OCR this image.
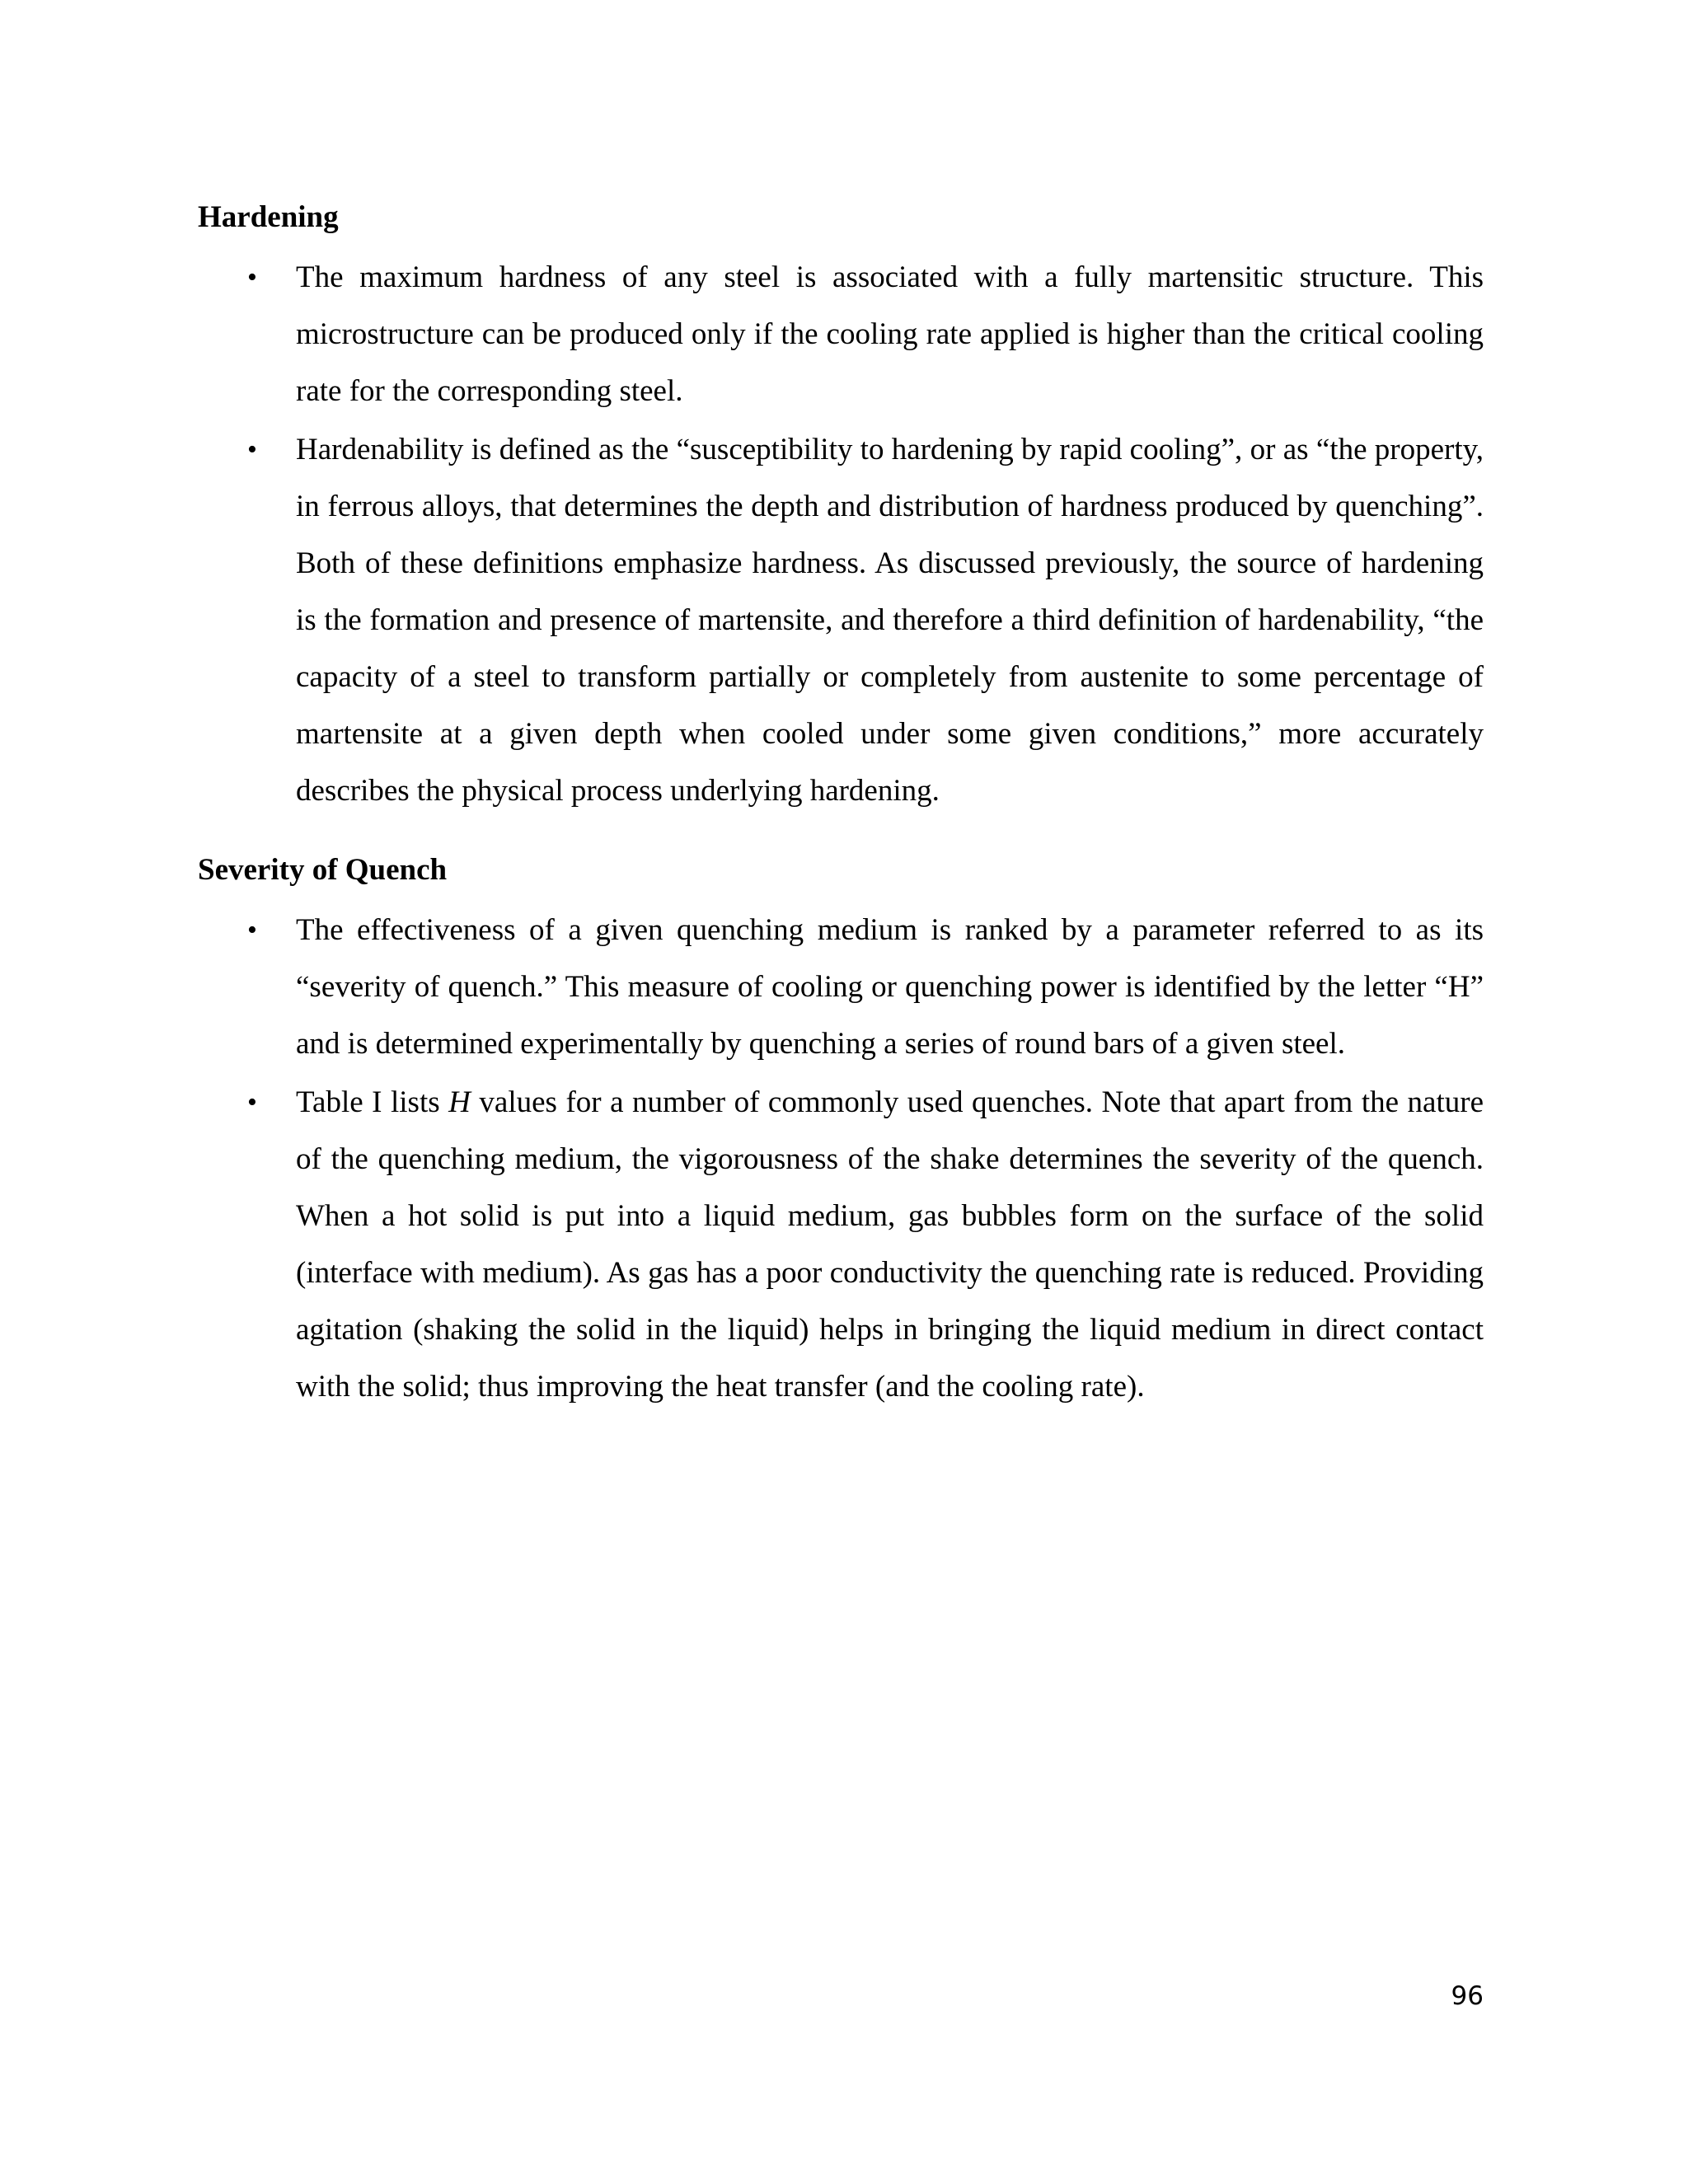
Hardening
• The maximum hardness of any steel is associated with a fully martensitic structure. This microstructure can be produced only if the cooling rate applied is higher than the critical cooling rate for the corresponding steel.
• Hardenability is defined as the “susceptibility to hardening by rapid cooling”, or as “the property, in ferrous alloys, that determines the depth and distribution of hardness produced by quenching”. Both of these definitions emphasize hardness. As discussed previously, the source of hardening is the formation and presence of martensite, and therefore a third definition of hardenability, “the capacity of a steel to transform partially or completely from austenite to some percentage of martensite at a given depth when cooled under some given conditions,” more accurately describes the physical process underlying hardening.
Severity of Quench
• The effectiveness of a given quenching medium is ranked by a parameter referred to as its “severity of quench.” This measure of cooling or quenching power is identified by the letter “H” and is determined experimentally by quenching a series of round bars of a given steel.
• Table I lists H values for a number of commonly used quenches. Note that apart from the nature of the quenching medium, the vigorousness of the shake determines the severity of the quench. When a hot solid is put into a liquid medium, gas bubbles form on the surface of the solid (interface with medium). As gas has a poor conductivity the quenching rate is reduced. Providing agitation (shaking the solid in the liquid) helps in bringing the liquid medium in direct contact with the solid; thus improving the heat transfer (and the cooling rate).
96
